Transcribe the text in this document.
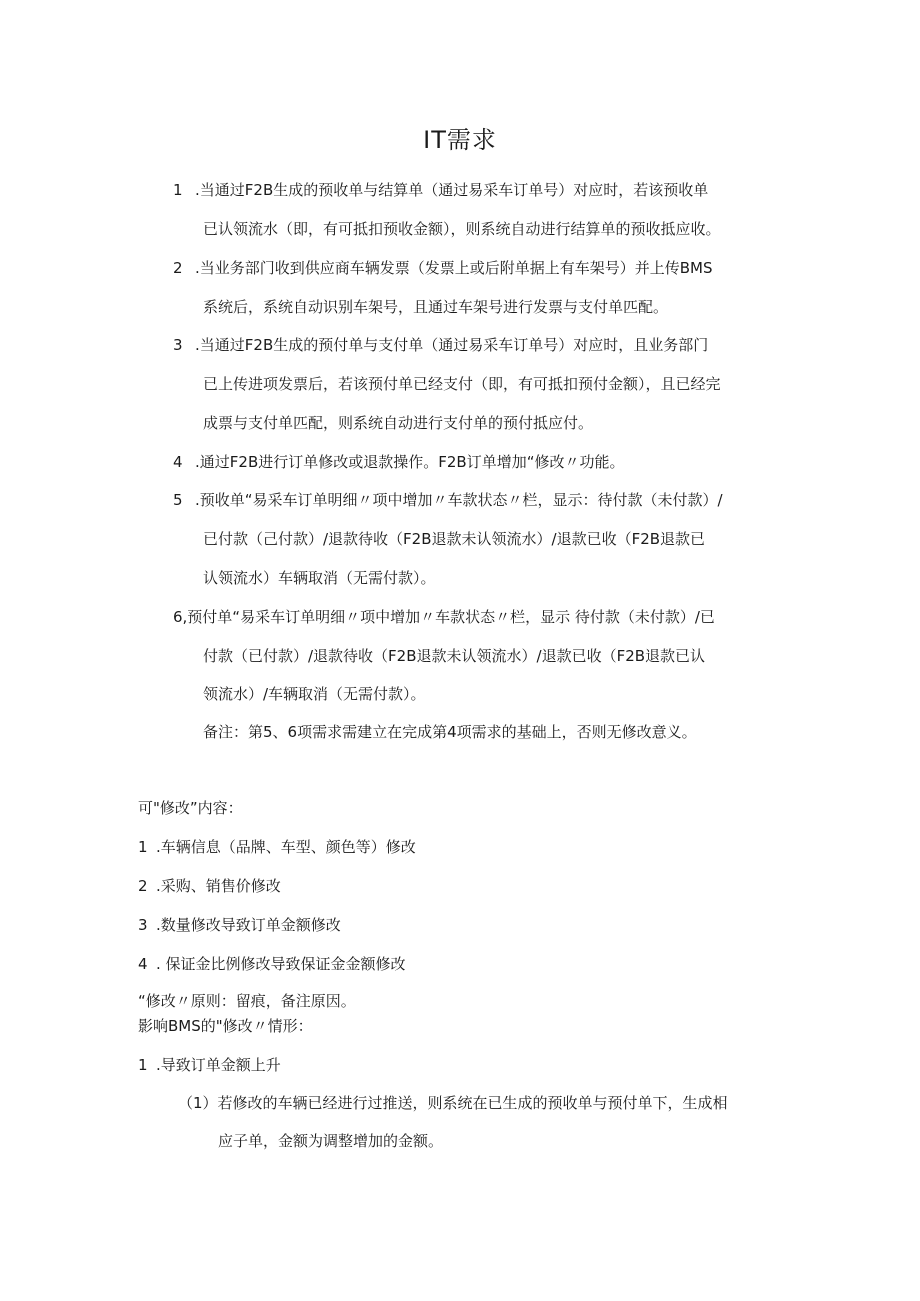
IT需求
1 .当通过F2B生成的预收单与结算单（通过易采车订单号）对应时，若该预收单
已认领流水（即，有可抵扣预收金额），则系统自动进行结算单的预收抵应收。
2 .当业务部门收到供应商车辆发票（发票上或后附单据上有车架号）并上传BMS
系统后，系统自动识别车架号，且通过车架号进行发票与支付单匹配。
3 .当通过F2B生成的预付单与支付单（通过易采车订单号）对应时，且业务部门
已上传进项发票后，若该预付单已经支付（即，有可抵扣预付金额），且已经完
成票与支付单匹配，则系统自动进行支付单的预付抵应付。
4 .通过F2B进行订单修改或退款操作。F2B订单增加“修改〃功能。
5 .预收单“易采车订单明细〃项中增加〃车款状态〃栏，显示：待付款（未付款）/
已付款（己付款）/退款待收（F2B退款未认领流水）/退款已收（F2B退款已
认领流水）车辆取消（无需付款）。
6,预付单“易采车订单明细〃项中增加〃车款状态〃栏，显示 待付款（未付款）/已
付款（已付款）/退款待收（F2B退款未认领流水）/退款已收（F2B退款已认
领流水）/车辆取消（无需付款）。
备注：第5、6项需求需建立在完成第4项需求的基础上，否则无修改意义。
可"修改”内容：
1 .车辆信息（品牌、车型、颜色等）修改
2 .采购、销售价修改
3 .数量修改导致订单金额修改
4 . 保证金比例修改导致保证金金额修改
“修改〃原则：留痕，备注原因。
影响BMS的"修改〃情形：
1 .导致订单金额上升
（1）若修改的车辆已经进行过推送，则系统在已生成的预收单与预付单下，生成相
应子单，金额为调整增加的金额。
